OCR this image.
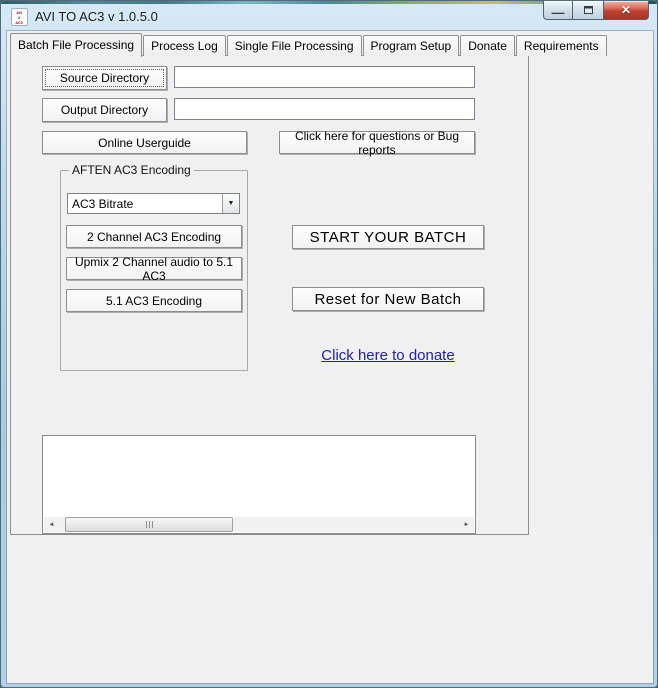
AVI
2
AC3 AVI TO AC3 v 1.0.5.0	—	✕
Batch File Processing	Process Log	Single File Processing	Program Setup	Donate	Requirements
Source Directory
Output Directory
Online Userguide	Click here for questions or Bug reports
AFTEN AC3 Encoding
AC3 Bitrate	▼
2 Channel AC3 Encoding
Upmix 2 Channel audio to 5.1 AC3
5.1 AC3 Encoding
START YOUR BATCH
Reset for New Batch
Click here to donate
◄	►
